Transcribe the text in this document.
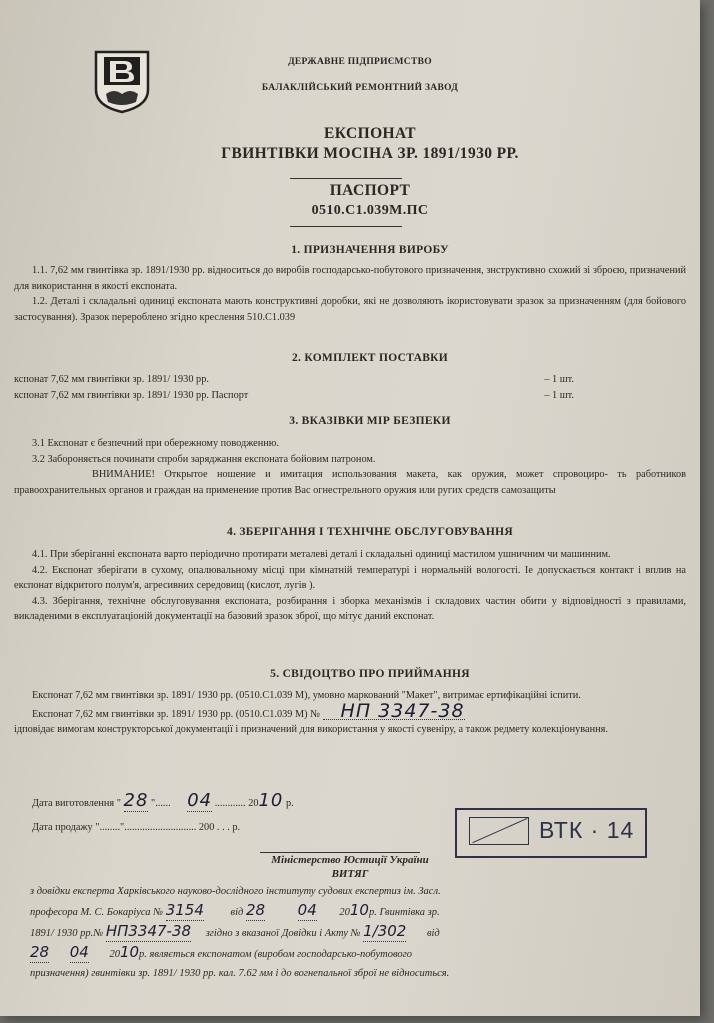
ДЕРЖАВНЕ ПІДПРИЄМСТВО
БАЛАКЛІЙСЬКИЙ РЕМОНТНИЙ ЗАВОД
ЕКСПОНАТ
ГВИНТІВКИ МОСІНА ЗР. 1891/1930 РР.
ПАСПОРТ
0510.С1.039М.ПС
1. ПРИЗНАЧЕННЯ ВИРОБУ

1.1. 7,62 мм гвинтівка зр. 1891/1930 рр. відноситься до виробів господарсько-побутового призначення, знструктивно схожий зі зброєю, призначений для використання в якості експоната.

1.2. Деталі і складальні одиниці експоната мають конструктивні доробки, які не дозволяють ікористовувати зразок за призначенням (для бойового застосування). Зразок перероблено згідно креслення 510.С1.039

2. КОМПЛЕКТ ПОСТАВКИ
кспонат 7,62 мм гвинтівки зр. 1891/ 1930 рр.	– 1 шт.
кспонат 7,62 мм гвинтівки зр. 1891/ 1930 рр. Паспорт	– 1 шт.
3. ВКАЗІВКИ МІР БЕЗПЕКИ

3.1 Експонат є безпечний при обережному поводженню.

3.2 Забороняється починати спроби заряджання експоната бойовим патроном.

ВНИМАНИЕ! Открытое ношение и имитация использования макета, как оружия, может спровоциро- ть работников правоохранительных органов и граждан на применение против Вас огнестрельного оружия или ругих средств самозащиты

4. ЗБЕРІГАННЯ І ТЕХНІЧНЕ ОБСЛУГОВУВАННЯ

4.1. При зберіганні експоната варто періодично протирати металеві деталі і складальні одиниці мастилом ушничним чи машинним.

4.2. Експонат зберігати в сухому, опалювальному місці при кімнатній температурі і нормальній вологості. Іе допускається контакт і вплив на експонат відкритого полум'я, агресивних середовищ (кислот, лугів ).

4.3. Зберігання, технічне обслуговування експоната, розбирання і зборка механізмів і складових частин обити у відповідності з правилами, викладеними в експлуатаціоній документації на базовий зразок зброї, що мітує даний експонат.

5. СВІДОЦТВО ПРО ПРИЙМАННЯ

Експонат 7,62 мм гвинтівки зр. 1891/ 1930 рр. (0510.С1.039 М), умовно маркований "Макет", витримає ертифікаційні іспити.

Експонат 7,62 мм гвинтівки зр. 1891/ 1930 рр. (0510.С1.039 М) № НП 3347-38

ідповідає вимогам конструкторської документації і призначений для використання у якості сувеніру, а також редмету колекціонування.

Дата виготовлення " 28 "...... 04 ............ 2010 р.
Дата продажу "........"............................ 200 . . . р.	ВТК · 14
Міністерство Юстиції України
ВИТЯГ

з довідки експерта Харківського науково-дослідного інституту судових експертиз ім. Засл.

професора М. С. Бокаріуса № 3154	від 28 04 2010р. Гвинтівка зр.

1891/ 1930 рр.№ НП3347-38 згідно з вказаної Довідки і Акту № 1/302 від

28 04 2010р. являється експонатом (виробом господарсько-побутового

призначення) гвинтівки зр. 1891/ 1930 рр. кал. 7.62 мм і до вогнепальної зброї не відноситься.
